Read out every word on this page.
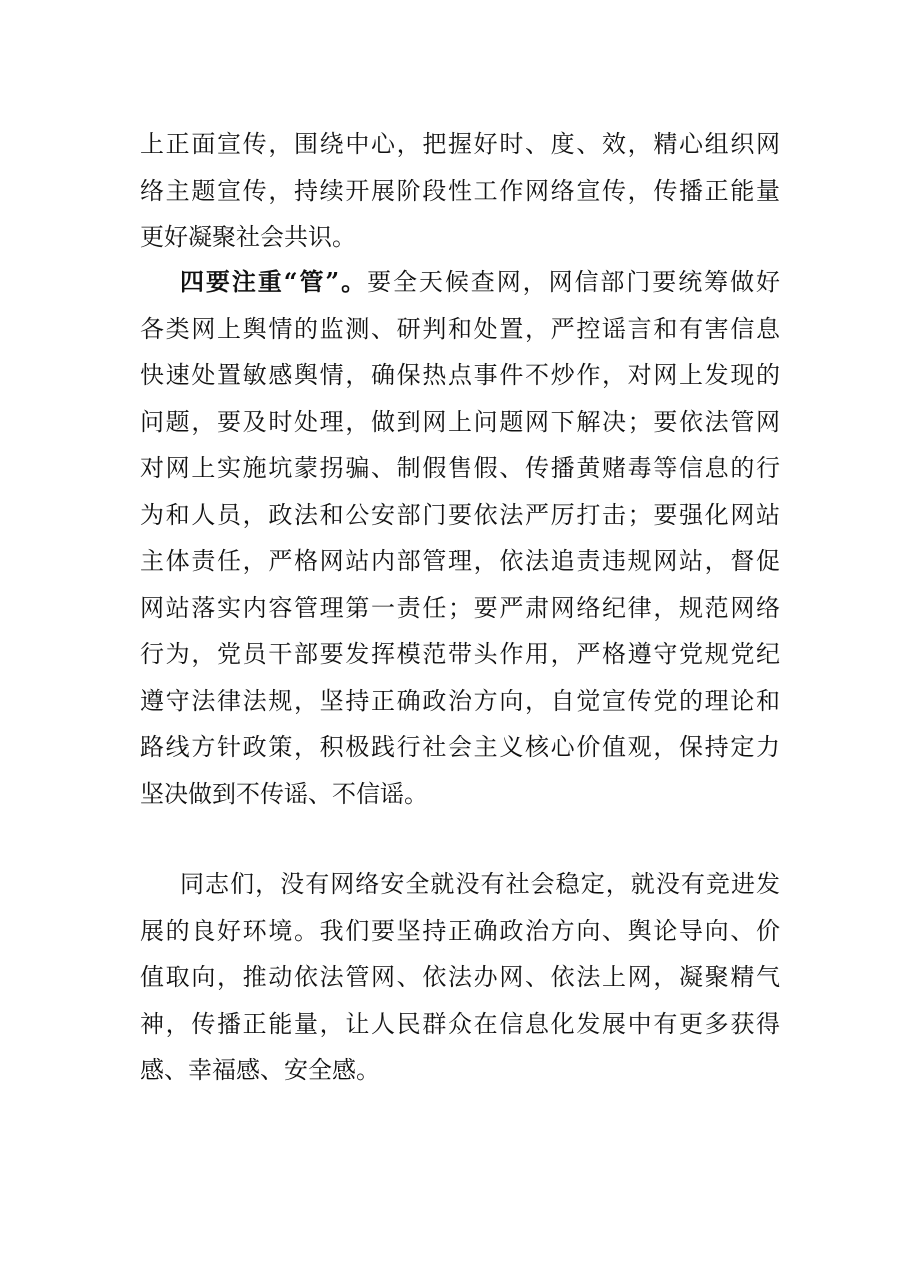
上正面宣传，围绕中心，把握好时、度、效，精心组织网
络主题宣传，持续开展阶段性工作网络宣传，传播正能量
更好凝聚社会共识。
四要注重“管”。要全天候查网，网信部门要统筹做好
各类网上舆情的监测、研判和处置，严控谣言和有害信息
快速处置敏感舆情，确保热点事件不炒作，对网上发现的
问题，要及时处理，做到网上问题网下解决；要依法管网
对网上实施坑蒙拐骗、制假售假、传播黄赌毒等信息的行
为和人员，政法和公安部门要依法严厉打击；要强化网站
主体责任，严格网站内部管理，依法追责违规网站，督促
网站落实内容管理第一责任；要严肃网络纪律，规范网络
行为，党员干部要发挥模范带头作用，严格遵守党规党纪
遵守法律法规，坚持正确政治方向，自觉宣传党的理论和
路线方针政策，积极践行社会主义核心价值观，保持定力
坚决做到不传谣、不信谣。
同志们，没有网络安全就没有社会稳定，就没有竞进发
展的良好环境。我们要坚持正确政治方向、舆论导向、价
值取向，推动依法管网、依法办网、依法上网，凝聚精气
神，传播正能量，让人民群众在信息化发展中有更多获得
感、幸福感、安全感。
